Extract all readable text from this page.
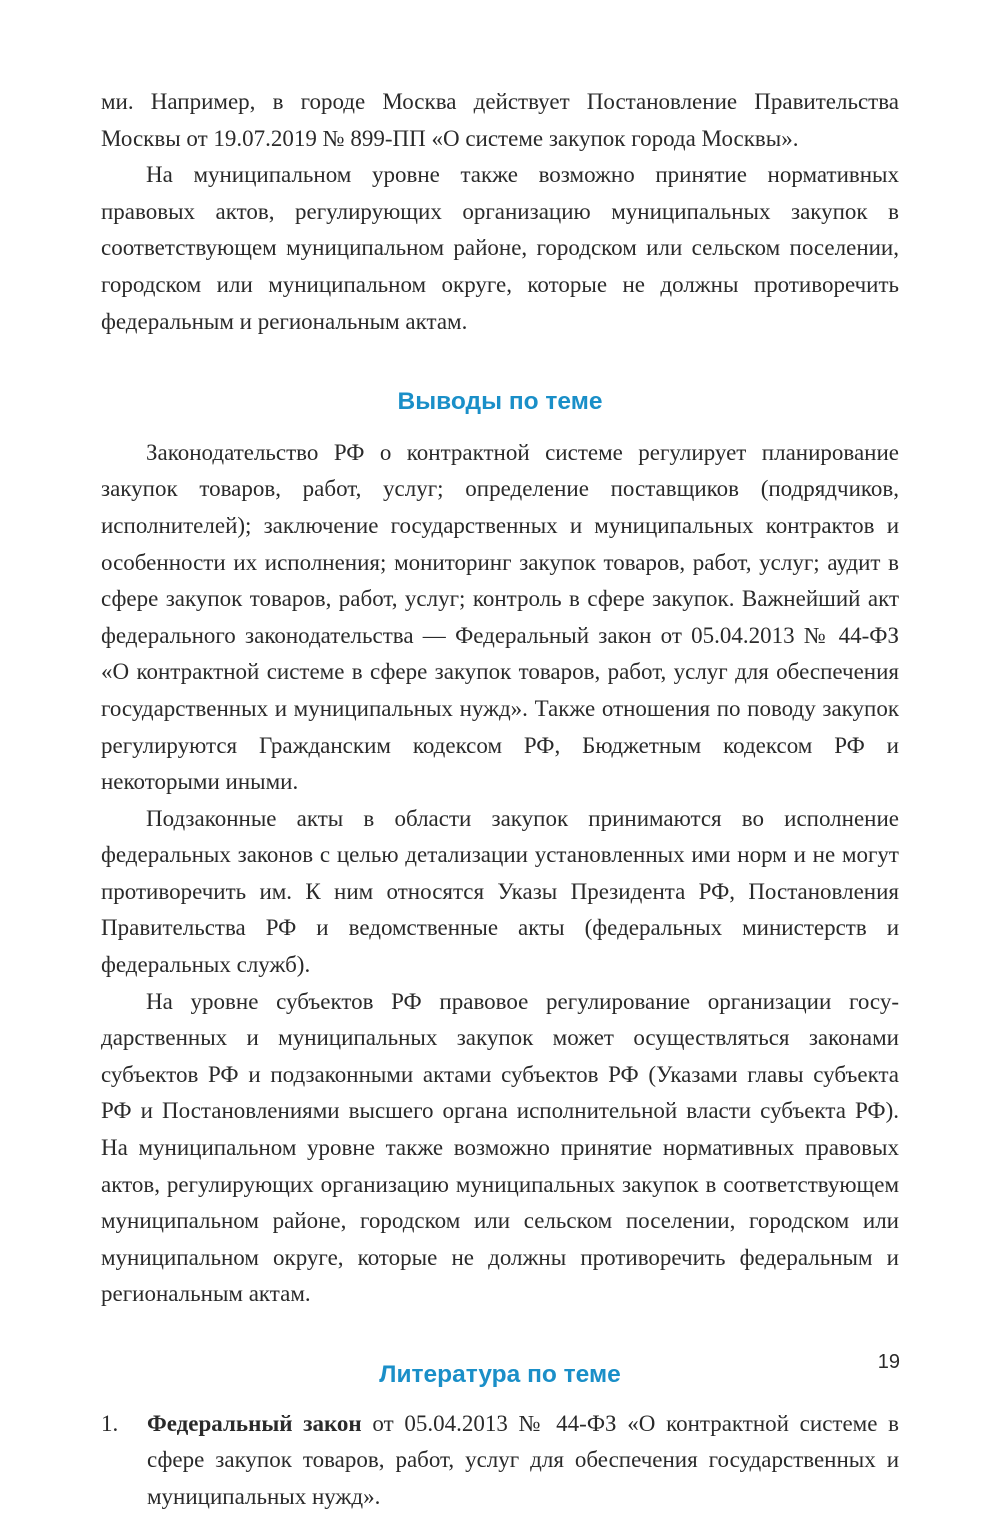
ми. Например, в городе Москва действует Постановление Правительства Москвы от 19.07.2019 № 899-ПП «О системе закупок города Москвы».

На муниципальном уровне также возможно принятие нормативных правовых актов, регулирующих организацию муниципальных закупок в соответствующем муниципальном районе, городском или сельском поселении, городском или муниципальном округе, которые не должны противоречить федеральным и региональным актам.

Выводы по теме

Законодательство РФ о контрактной системе регулирует планирование закупок товаров, работ, услуг; определение поставщиков (подрядчиков, исполнителей); заключение государственных и муниципальных контрактов и особенности их исполнения; мониторинг закупок товаров, работ, услуг; аудит в сфере закупок товаров, работ, услуг; контроль в сфере закупок. Важнейший акт федерального законодательства — Федеральный закон от 05.04.2013 № 44-ФЗ «О контрактной системе в сфере закупок товаров, работ, услуг для обеспечения государственных и муниципальных нужд». Также отношения по поводу закупок регулируются Гражданским кодексом РФ, Бюджетным кодексом РФ и некоторыми иными.

Подзаконные акты в области закупок принимаются во исполнение федеральных законов с целью детализации установленных ими норм и не могут противоречить им. К ним относятся Указы Президента РФ, Постановления Правительства РФ и ведомственные акты (федеральных министерств и федеральных служб).

На уровне субъектов РФ правовое регулирование организации государственных и муниципальных закупок может осуществляться законами субъектов РФ и подзаконными актами субъектов РФ (Указами главы субъекта РФ и Постановлениями высшего органа исполнительной власти субъекта РФ). На муниципальном уровне также возможно принятие нормативных правовых актов, регулирующих организацию муниципальных закупок в соответствующем муниципальном районе, городском или сельском поселении, городском или муниципальном округе, которые не должны противоречить федеральным и региональным актам.

Литература по теме
1.	Федеральный закон от 05.04.2013 № 44-ФЗ «О контрактной системе в сфере закупок товаров, работ, услуг для обеспечения государственных и муниципальных нужд».
19
